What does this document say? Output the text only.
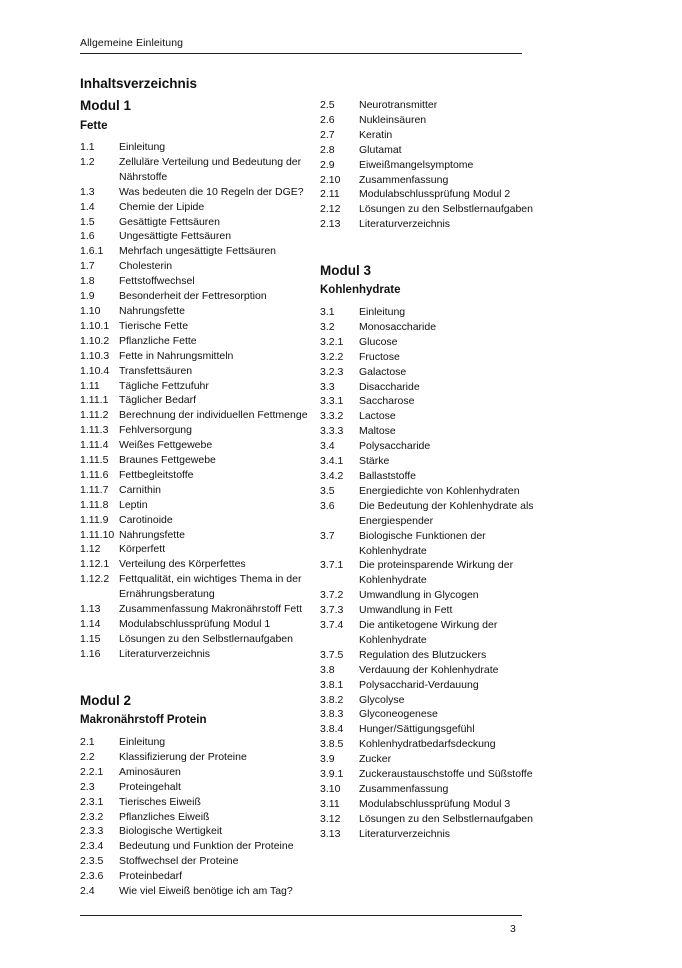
Allgemeine Einleitung
Inhaltsverzeichnis
Modul 1
Fette
1.1	Einleitung
1.2	Zelluläre Verteilung und Bedeutung der Nährstoffe
1.3	Was bedeuten die 10 Regeln der DGE?
1.4	Chemie der Lipide
1.5	Gesättigte Fettsäuren
1.6	Ungesättigte Fettsäuren
1.6.1	Mehrfach ungesättigte Fettsäuren
1.7	Cholesterin
1.8	Fettstoffwechsel
1.9	Besonderheit der Fettresorption
1.10	Nahrungsfette
1.10.1 Tierische Fette
1.10.2 Pflanzliche Fette
1.10.3 Fette in Nahrungsmitteln
1.10.4 Transfettsäuren
1.11	Tägliche Fettzufuhr
1.11.1	Täglicher Bedarf
1.11.2	Berechnung der individuellen Fettmenge
1.11.3	Fehlversorgung
1.11.4	Weißes Fettgewebe
1.11.5	Braunes Fettgewebe
1.11.6	Fettbegleitstoffe
1.11.7	Carnithin
1.11.8	Leptin
1.11.9	Carotinoide
1.11.10 Nahrungsfette
1.12	Körperfett
1.12.1 Verteilung des Körperfettes
1.12.2 Fettqualität, ein wichtiges Thema in der Ernährungsberatung
1.13	Zusammenfassung Makronährstoff Fett
1.14	Modulabschlussprüfung Modul 1
1.15	Lösungen zu den Selbstlernaufgaben
1.16	Literaturverzeichnis
Modul 2
Makronährstoff Protein
2.1	Einleitung
2.2	Klassifizierung der Proteine
2.2.1	Aminosäuren
2.3	Proteingehalt
2.3.1	Tierisches Eiweiß
2.3.2	Pflanzliches Eiweiß
2.3.3	Biologische Wertigkeit
2.3.4	Bedeutung und Funktion der Proteine
2.3.5	Stoffwechsel der Proteine
2.3.6	Proteinbedarf
2.4	Wie viel Eiweiß benötige ich am Tag?
2.5	Neurotransmitter
2.6	Nukleinsäuren
2.7	Keratin
2.8	Glutamat
2.9	Eiweißmangelsymptome
2.10	Zusammenfassung
2.11	Modulabschlussprüfung Modul 2
2.12	Lösungen zu den Selbstlernaufgaben
2.13	Literaturverzeichnis
Modul 3
Kohlenhydrate
3.1	Einleitung
3.2	Monosaccharide
3.2.1	Glucose
3.2.2	Fructose
3.2.3	Galactose
3.3	Disaccharide
3.3.1	Saccharose
3.3.2	Lactose
3.3.3	Maltose
3.4	Polysaccharide
3.4.1	Stärke
3.4.2	Ballaststoffe
3.5	Energiedichte von Kohlenhydraten
3.6	Die Bedeutung der Kohlenhydrate als Energiespender
3.7	Biologische Funktionen der Kohlenhydrate
3.7.1	Die proteinsparende Wirkung der Kohlenhydrate
3.7.2	Umwandlung in Glycogen
3.7.3	Umwandlung in Fett
3.7.4	Die antiketogene Wirkung der Kohlenhydrate
3.7.5	Regulation des Blutzuckers
3.8	Verdauung der Kohlenhydrate
3.8.1	Polysaccharid-Verdauung
3.8.2	Glycolyse
3.8.3	Glyconeogenese
3.8.4	Hunger/Sättigungsgefühl
3.8.5	Kohlenhydratbedarfsdeckung
3.9	Zucker
3.9.1	Zuckeraustauschstoffe und Süßstoffe
3.10	Zusammenfassung
3.11	Modulabschlussprüfung Modul 3
3.12	Lösungen zu den Selbstlernaufgaben
3.13	Literaturverzeichnis
3
